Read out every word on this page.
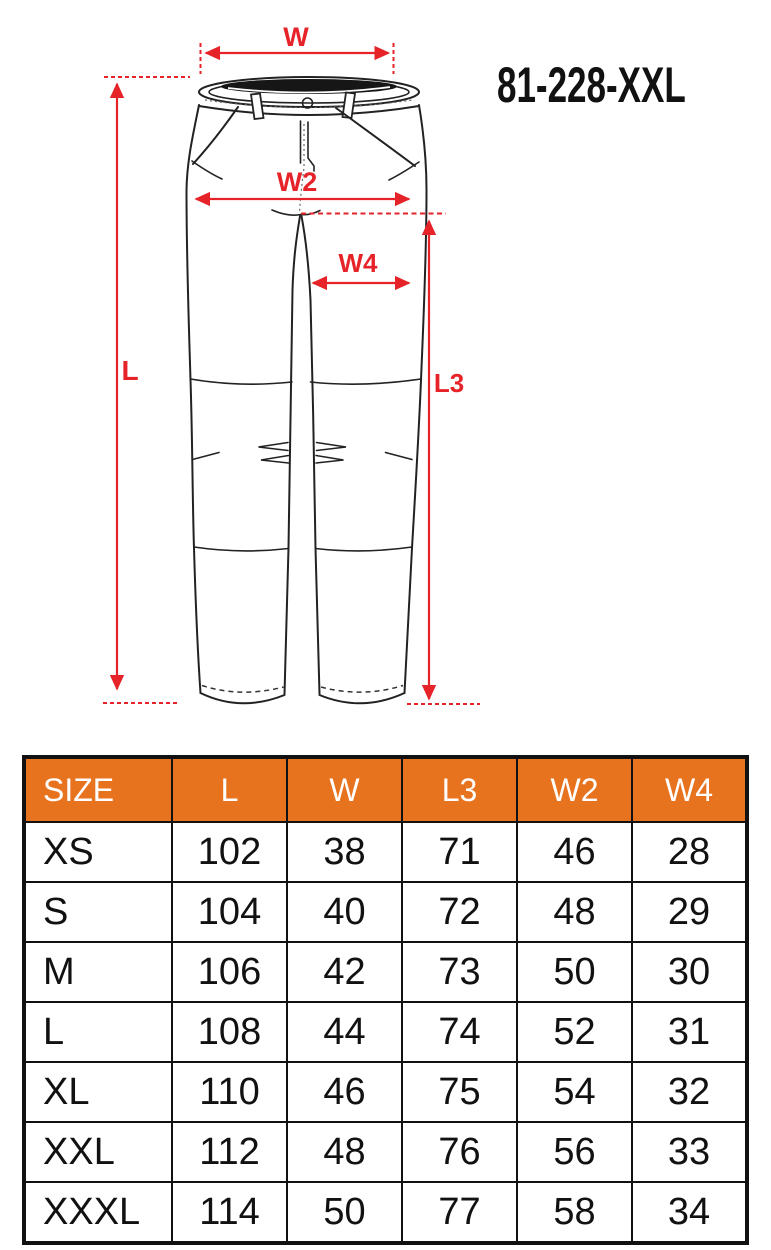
W
L
W2
W4
L3
81-228-XXL
SIZE	L	W	L3	W2	W4
XS	102	38	71	46	28
S	104	40	72	48	29
M	106	42	73	50	30
L	108	44	74	52	31
XL	110	46	75	54	32
XXL	112	48	76	56	33
XXXL	114	50	77	58	34
